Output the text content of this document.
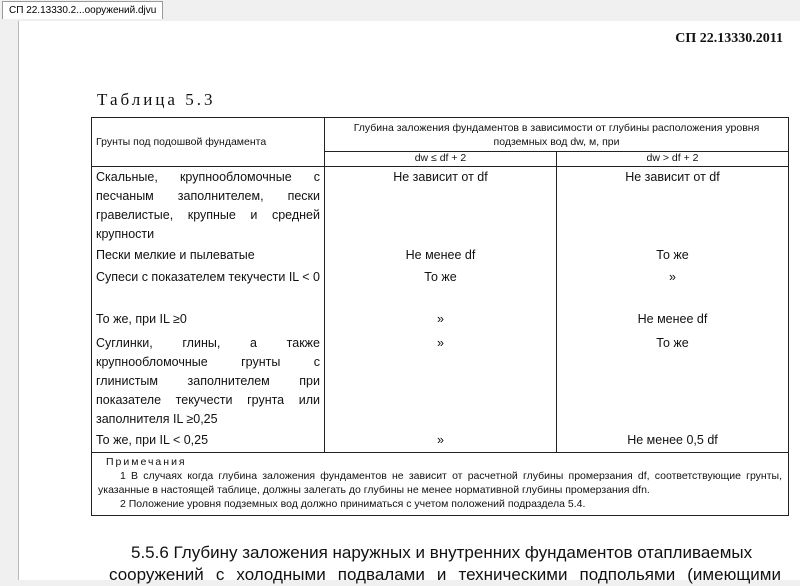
СП 22.13330.2...ооружений.djvu
СП 22.13330.2011
Таблица 5.3
Грунты под подошвой фундамента	Глубина заложения фундаментов в зависимости от глубины расположения уровня подземных вод dw, м, при	
	dw ≤ df + 2	dw > df + 2
Скальные, крупнообломочные с песчаным заполнителем, пески гравелистые, крупные и средней крупности	Не зависит от df	Не зависит от df
Пески мелкие и пылеватые	Не менее df	То же
Супеси с показателем текучести IL < 0	То же	»
То же, при IL ≥0	»	Не менее df
Суглинки, глины, а также крупнообломочные грунты с глинистым заполнителем при показателе текучести грунта или заполнителя IL ≥0,25	»	То же
То же, при IL < 0,25	»	Не менее 0,5 df

Примечания

1 В случаях когда глубина заложения фундаментов не зависит от расчетной глубины промерзания df, соответствующие грунты, указанные в настоящей таблице, должны залегать до глубины не менее нормативной глубины промерзания dfn.

2 Положение уровня подземных вод должно приниматься с учетом положений подраздела 5.4.		

5.5.6 Глубину заложения наружных и внутренних фундаментов отапливаемых
сооружений с холодными подвалами и техническими подпольями (имеющими
